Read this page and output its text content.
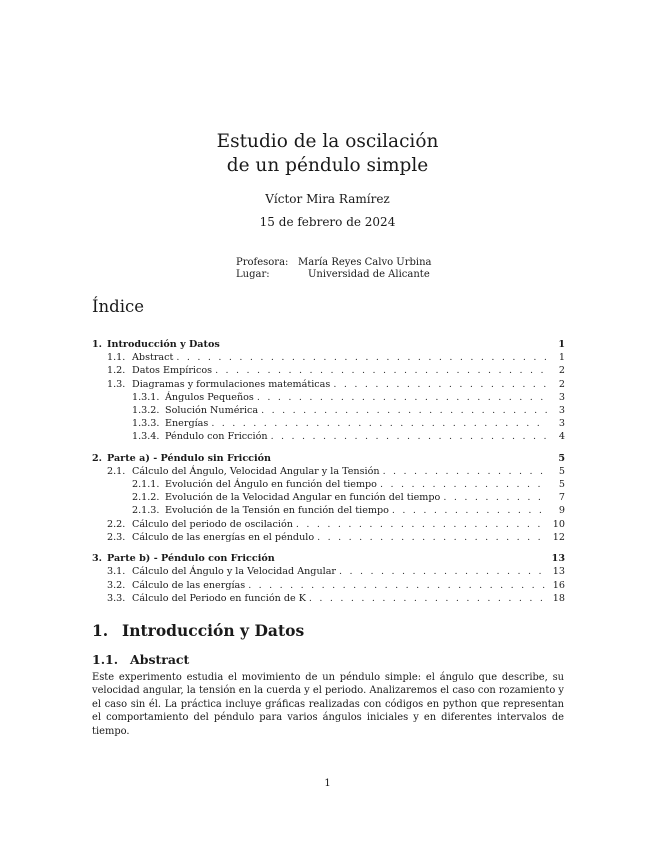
Estudio de la oscilación
de un péndulo simple
Víctor Mira Ramírez
15 de febrero de 2024
Profesora: María Reyes Calvo Urbina
Lugar:	Universidad de Alicante
Índice
1. Introducción y Datos	1
1.1. Abstract . . .	1
1.2. Datos Empíricos . . .	2
1.3. Diagramas y formulaciones matemáticas . . .	2
1.3.1. Ángulos Pequeños . . .	3
1.3.2. Solución Numérica . . .	3
1.3.3. Energías . . .	3
1.3.4. Péndulo con Fricción . . .	4
2. Parte a) - Péndulo sin Fricción	5
2.1. Cálculo del Ángulo, Velocidad Angular y la Tensión . . .	5
2.1.1. Evolución del Ángulo en función del tiempo . . .	5
2.1.2. Evolución de la Velocidad Angular en función del tiempo . . .	7
2.1.3. Evolución de la Tensión en función del tiempo . . .	9
2.2. Cálculo del periodo de oscilación . . .	10
2.3. Cálculo de las energías en el péndulo . . .	12
3. Parte b) - Péndulo con Fricción	13
3.1. Cálculo del Ángulo y la Velocidad Angular . . .	13
3.2. Cálculo de las energías . . .	16
3.3. Cálculo del Periodo en función de K . . .	18
1. Introducción y Datos
1.1. Abstract
Este experimento estudia el movimiento de un péndulo simple: el ángulo que describe, su velocidad angular, la tensión en la cuerda y el periodo. Analizaremos el caso con rozamiento y el caso sin él. La práctica incluye gráficas realizadas con códigos en python que representan el comportamiento del péndulo para varios ángulos iniciales y en diferentes intervalos de tiempo.
1
